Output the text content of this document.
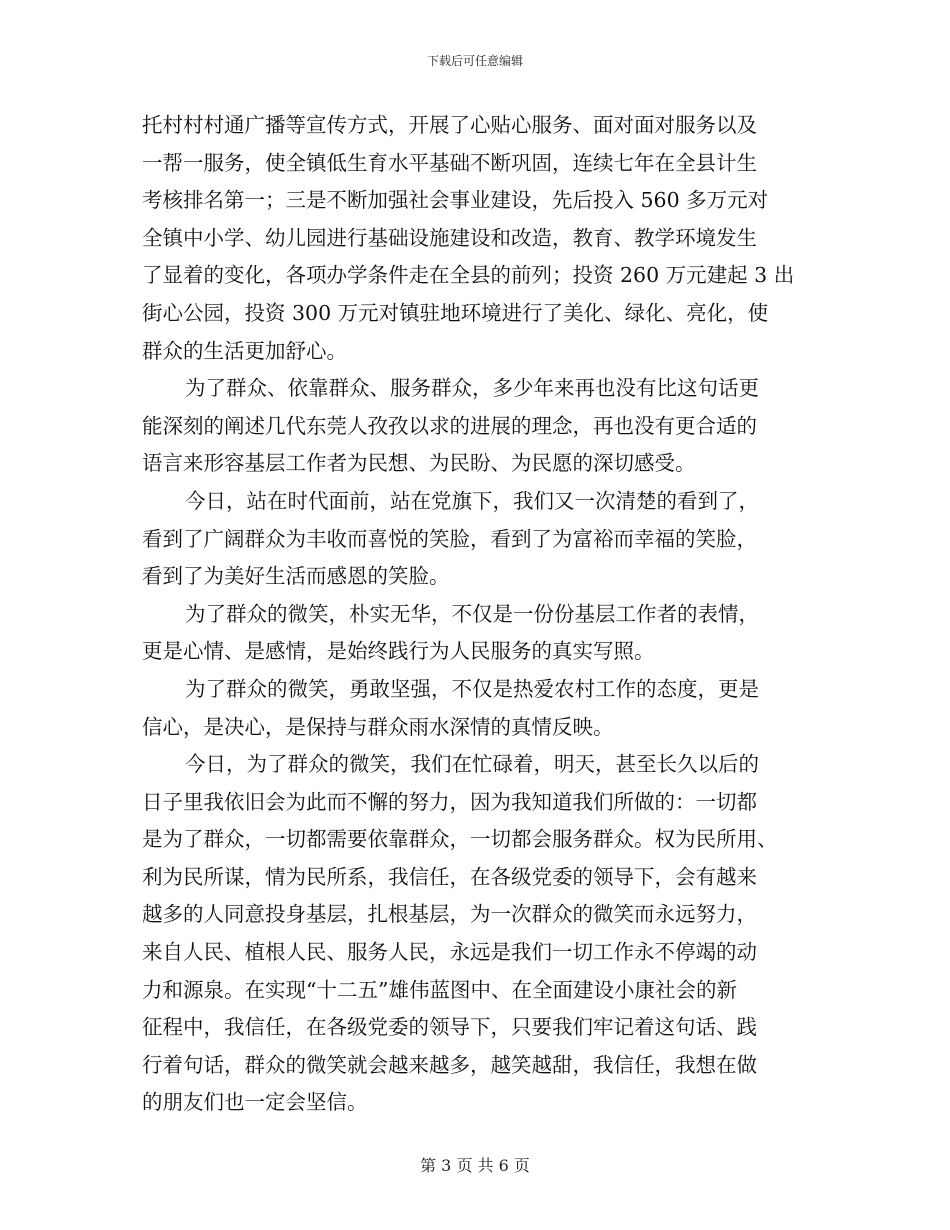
下载后可任意编辑
托村村村通广播等宣传方式，开展了心贴心服务、面对面对服务以及
一帮一服务，使全镇低生育水平基础不断巩固，连续七年在全县计生
考核排名第一；三是不断加强社会事业建设，先后投入 560 多万元对
全镇中小学、幼儿园进行基础设施建设和改造，教育、教学环境发生
了显着的变化，各项办学条件走在全县的前列；投资 260 万元建起 3 出
街心公园，投资 300 万元对镇驻地环境进行了美化、绿化、亮化，使
群众的生活更加舒心。
为了群众、依靠群众、服务群众，多少年来再也没有比这句话更
能深刻的阐述几代东莞人孜孜以求的进展的理念，再也没有更合适的
语言来形容基层工作者为民想、为民盼、为民愿的深切感受。
今日，站在时代面前，站在党旗下，我们又一次清楚的看到了，
看到了广阔群众为丰收而喜悦的笑脸，看到了为富裕而幸福的笑脸，
看到了为美好生活而感恩的笑脸。
为了群众的微笑，朴实无华，不仅是一份份基层工作者的表情，
更是心情、是感情，是始终践行为人民服务的真实写照。
为了群众的微笑，勇敢坚强，不仅是热爱农村工作的态度，更是
信心，是决心，是保持与群众雨水深情的真情反映。
今日，为了群众的微笑，我们在忙碌着，明天，甚至长久以后的
日子里我依旧会为此而不懈的努力，因为我知道我们所做的：一切都
是为了群众，一切都需要依靠群众，一切都会服务群众。权为民所用、
利为民所谋，情为民所系，我信任，在各级党委的领导下，会有越来
越多的人同意投身基层，扎根基层，为一次群众的微笑而永远努力，
来自人民、植根人民、服务人民，永远是我们一切工作永不停竭的动
力和源泉。在实现“十二五”雄伟蓝图中、在全面建设小康社会的新
征程中，我信任，在各级党委的领导下，只要我们牢记着这句话、践
行着句话，群众的微笑就会越来越多，越笑越甜，我信任，我想在做
的朋友们也一定会坚信。
第 3 页 共 6 页
